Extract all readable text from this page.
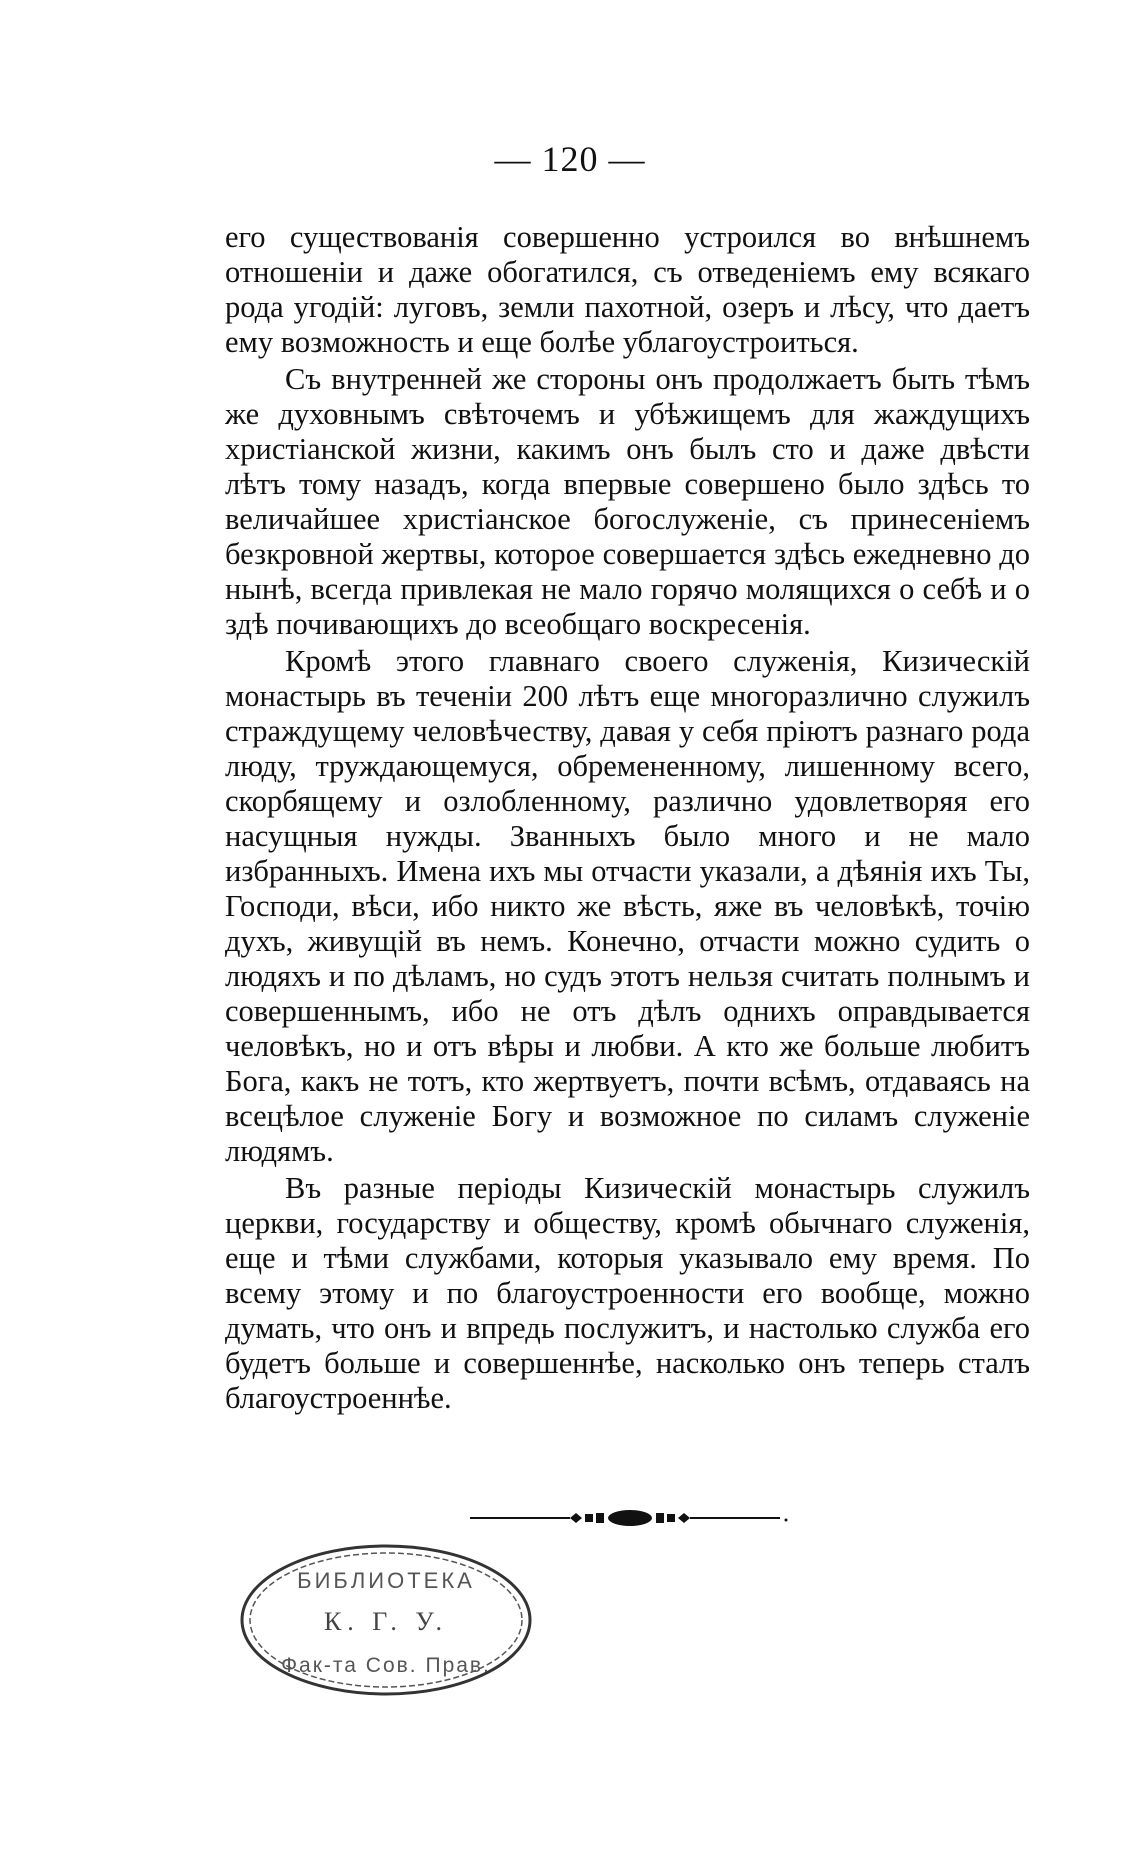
— 120 —

его существованія совершенно устроился во внѣшнемъ отношеніи и даже обогатился, съ отведеніемъ ему всякаго рода угодій: луговъ, земли пахотной, озеръ и лѣсу, что даетъ ему возможность и еще болѣе ублагоустроиться.

Съ внутренней же стороны онъ продолжаетъ быть тѣмъ же духовнымъ свѣточемъ и убѣжищемъ для жаждущихъ христіанской жизни, какимъ онъ былъ сто и даже двѣсти лѣтъ тому назадъ, когда впервые совершено было здѣсь то величайшее христіанское богослуженіе, съ принесеніемъ безкровной жертвы, которое совершается здѣсь ежедневно до нынѣ, всегда привлекая не мало горячо молящихся о себѣ и о здѣ почивающихъ до всеобщаго воскресенія.

Кромѣ этого главнаго своего служенія, Кизическій монастырь въ теченіи 200 лѣтъ еще многоразлично служилъ страждущему человѣчеству, давая у себя пріютъ разнаго рода люду, труждающемуся, обремененному, лишенному всего, скорбящему и озлобленному, различно удовлетворяя его насущныя нужды. Званныхъ было много и не мало избранныхъ. Имена ихъ мы отчасти указали, а дѣянія ихъ Ты, Господи, вѣси, ибо никто же вѣсть, яже въ человѣкѣ, точію духъ, живущій въ немъ. Конечно, отчасти можно судить о людяхъ и по дѣламъ, но судъ этотъ нельзя считать полнымъ и совершеннымъ, ибо не отъ дѣлъ однихъ оправдывается человѣкъ, но и отъ вѣры и любви. А кто же больше любитъ Бога, какъ не тотъ, кто жертвуетъ, почти всѣмъ, отдаваясь на всецѣлое служеніе Богу и возможное по силамъ служеніе людямъ.

Въ разные періоды Кизическій монастырь служилъ церкви, государству и обществу, кромѣ обычнаго служенія, еще и тѣми службами, которыя указывало ему время. По всему этому и по благоустроенности его вообще, можно думать, что онъ и впредь послужитъ, и настолько служба его будетъ больше и совершеннѣе, насколько онъ теперь сталъ благоустроеннѣе.

БИБЛИОТЕКА
К. Г. У.
Фак-та Сов. Прав.
